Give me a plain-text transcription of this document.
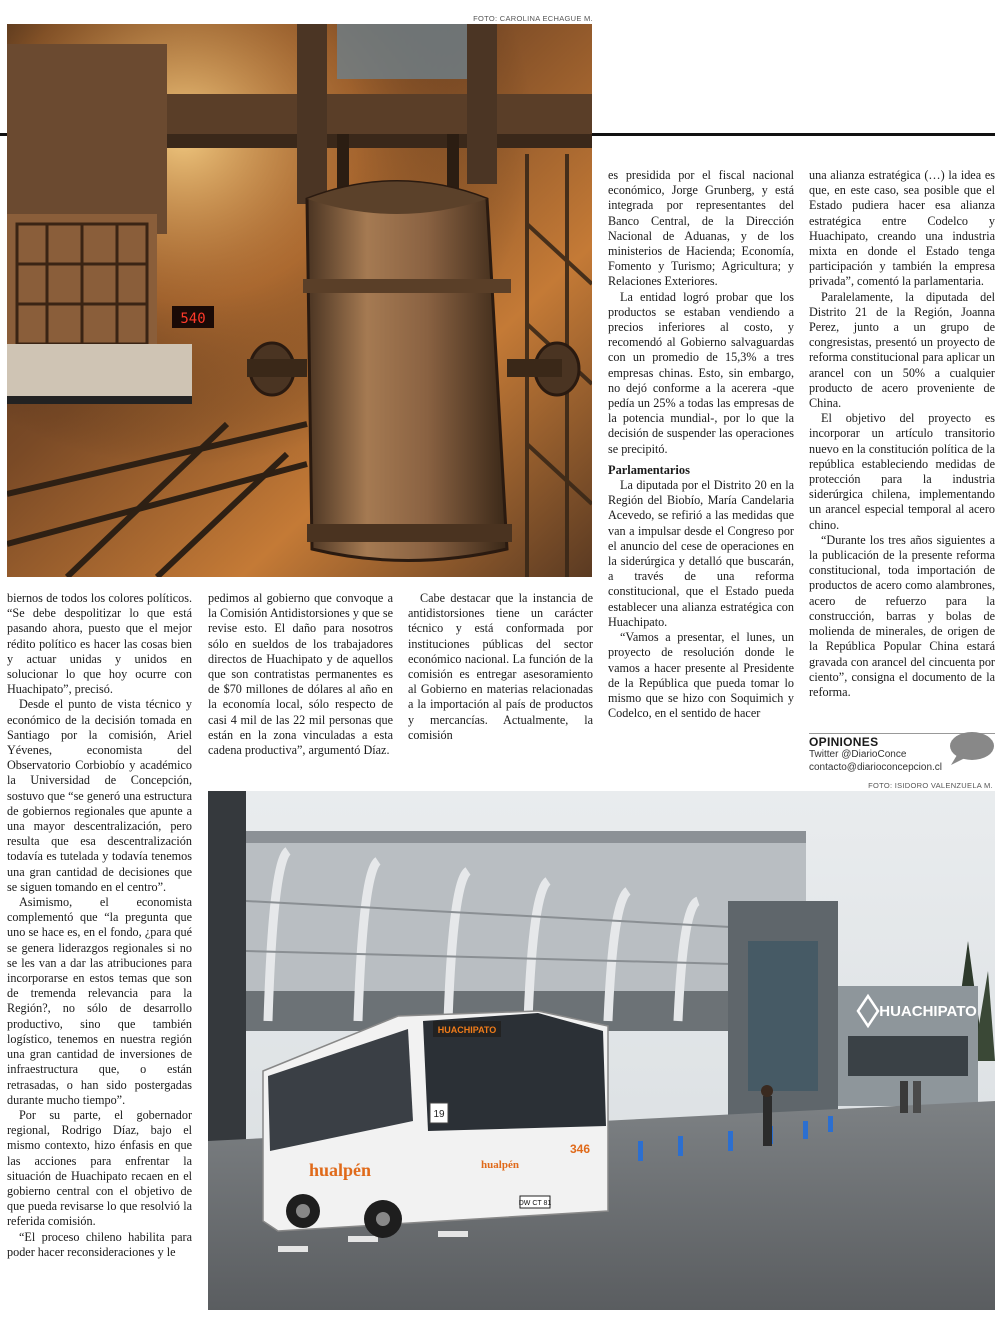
FOTO: CAROLINA ECHAGUE M.
540

biernos de todos los colores políticos. “Se debe despolitizar lo que está pasando ahora, puesto que el mejor rédito político es hacer las cosas bien y actuar unidas y unidos en solucionar lo que hoy ocurre con Huachipato”, precisó.

Desde el punto de vista técnico y económico de la decisión tomada en Santiago por la comisión, Ariel Yévenes, economista del Observatorio Corbiobío y académico la Universidad de Concepción, sostuvo que “se generó una estructura de gobiernos regionales que apunte a una mayor descentralización, pero resulta que esa descentralización todavía es tutelada y todavía tenemos una gran cantidad de decisiones que se siguen tomando en el centro”.

Asimismo, el economista complementó que “la pregunta que uno se hace es, en el fondo, ¿para qué se genera liderazgos regionales si no se les van a dar las atribuciones para incorporarse en estos temas que son de tremenda relevancia para la Región?, no sólo de desarrollo productivo, sino que también logístico, tenemos en nuestra región una gran cantidad de inversiones de infraestructura que, o están retrasadas, o han sido postergadas durante mucho tiempo”.

Por su parte, el gobernador regional, Rodrigo Díaz, bajo el mismo contexto, hizo énfasis en que las acciones para enfrentar la situación de Huachipato recaen en el gobierno central con el objetivo de que pueda revisarse lo que resolvió la referida comisión.

“El proceso chileno habilita para poder hacer reconsideraciones y le

pedimos al gobierno que convoque a la Comisión Antidistorsiones y que se revise esto. El daño para nosotros sólo en sueldos de los trabajadores directos de Huachipato y de aquellos que son contratistas permanentes es de $70 millones de dólares al año en la economía local, sólo respecto de casi 4 mil de las 22 mil personas que están en la zona vinculadas a esta cadena productiva”, argumentó Díaz.

Cabe destacar que la instancia de antidistorsiones tiene un carácter técnico y está conformada por instituciones públicas del sector económico nacional. La función de la comisión es entregar asesoramiento al Gobierno en materias relacionadas a la importación al país de productos y mercancías. Actualmente, la comisión

es presidida por el fiscal nacional económico, Jorge Grunberg, y está integrada por representantes del Banco Central, de la Dirección Nacional de Aduanas, y de los ministerios de Hacienda; Economía, Fomento y Turismo; Agricultura; y Relaciones Exteriores.

La entidad logró probar que los productos se estaban vendiendo a precios inferiores al costo, y recomendó al Gobierno salvaguardas con un promedio de 15,3% a tres empresas chinas. Esto, sin embargo, no dejó conforme a la acerera -que pedía un 25% a todas las empresas de la potencia mundial-, por lo que la decisión de suspender las operaciones se precipitó.

Parlamentarios

La diputada por el Distrito 20 en la Región del Biobío, María Candelaria Acevedo, se refirió a las medidas que van a impulsar desde el Congreso por el anuncio del cese de operaciones en la siderúrgica y detalló que buscarán, a través de una reforma constitucional, que el Estado pueda establecer una alianza estratégica con Huachipato.

“Vamos a presentar, el lunes, un proyecto de resolución donde le vamos a hacer presente al Presidente de la República que pueda tomar lo mismo que se hizo con Soquimich y Codelco, en el sentido de hacer

una alianza estratégica (…) la idea es que, en este caso, sea posible que el Estado pudiera hacer esa alianza estratégica entre Codelco y Huachipato, creando una industria mixta en donde el Estado tenga participación y también la empresa privada”, comentó la parlamentaria.

Paralelamente, la diputada del Distrito 21 de la Región, Joanna Perez, junto a un grupo de congresistas, presentó un proyecto de reforma constitucional para aplicar un arancel con un 50% a cualquier producto de acero proveniente de China.

El objetivo del proyecto es incorporar un artículo transitorio nuevo en la constitución política de la república estableciendo medidas de protección para la industria siderúrgica chilena, implementando un arancel especial temporal al acero chino.

“Durante los tres años siguientes a la publicación de la presente reforma constitucional, toda importación de productos de acero como alambrones, acero de refuerzo para la construcción, barras y bolas de molienda de minerales, de origen de la República Popular China estará gravada con arancel del cincuenta por ciento”, consigna el documento de la reforma.

OPINIONES
Twitter @DiarioConce
contacto@diarioconcepcion.cl
FOTO: ISIDORO VALENZUELA M.
HUACHIPATO
HUACHIPATO
19
hualpén	hualpén
346
DW CT 81
